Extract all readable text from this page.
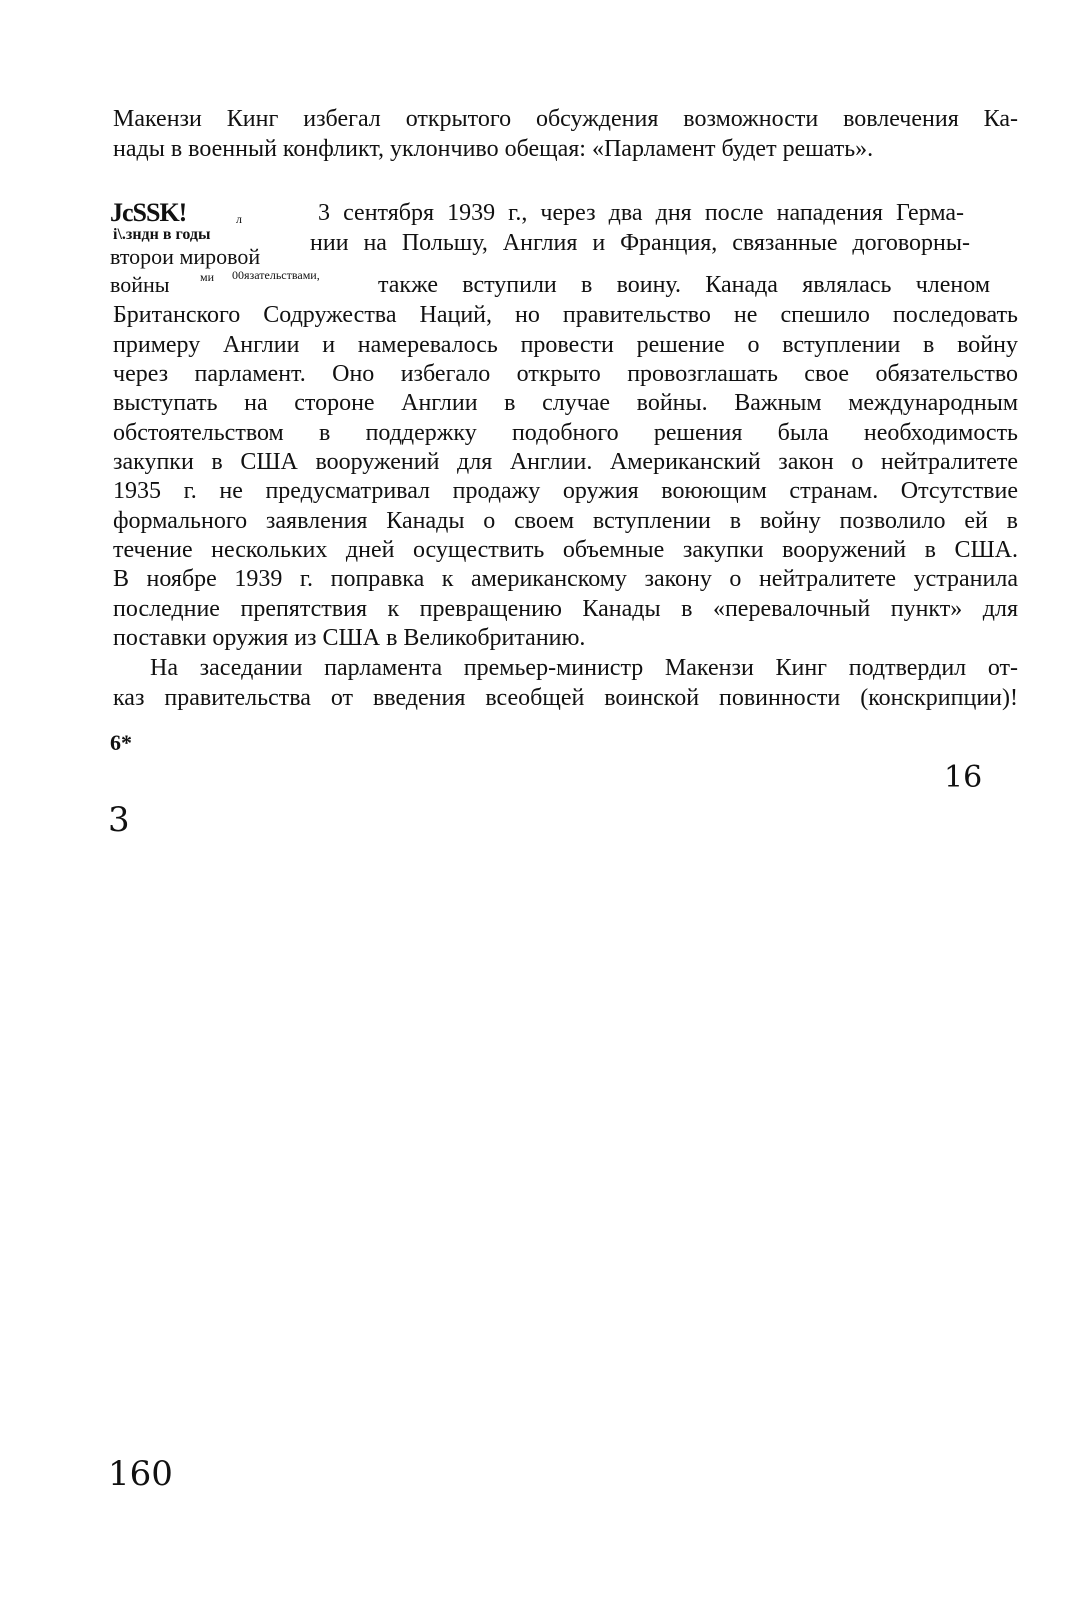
Макензи Кинг избегал открытого обсуждения возможности вовлечения Ка-
нады в военный конфликт, уклончиво обещая: «Парламент будет решать».
JcSSK!	л
i\.зндн в годы
второи мировой
войны
3 сентября 1939 г., через два дня после нападения Герма-
нии на Польшу, Англия и Франция, связанные договорны-
ми 00язательствами, также вступили в воину. Канада являлась членом
Британского Содружества Наций, но правительство не спешило последовать
примеру Англии и намеревалось провести решение о вступлении в войну
через парламент. Оно избегало открыто провозглашать свое обязательство
выступать на стороне Англии в случае войны. Важным международным
обстоятельством в поддержку подобного решения была необходимость
закупки в США вооружений для Англии. Американский закон о нейтралитете
1935 г. не предусматривал продажу оружия воюющим странам. Отсутствие
формального заявления Канады о своем вступлении в войну позволило ей в
течение нескольких дней осуществить объемные закупки вооружений в США.
В ноябре 1939 г. поправка к американскому закону о нейтралитете устранила
последние препятствия к превращению Канады в «перевалочный пункт» для
поставки оружия из США в Великобританию.
На заседании парламента премьер-министр Макензи Кинг подтвердил от-
каз правительства от введения всеобщей воинской повинности (конскрипции)!
6*
16
3
160
